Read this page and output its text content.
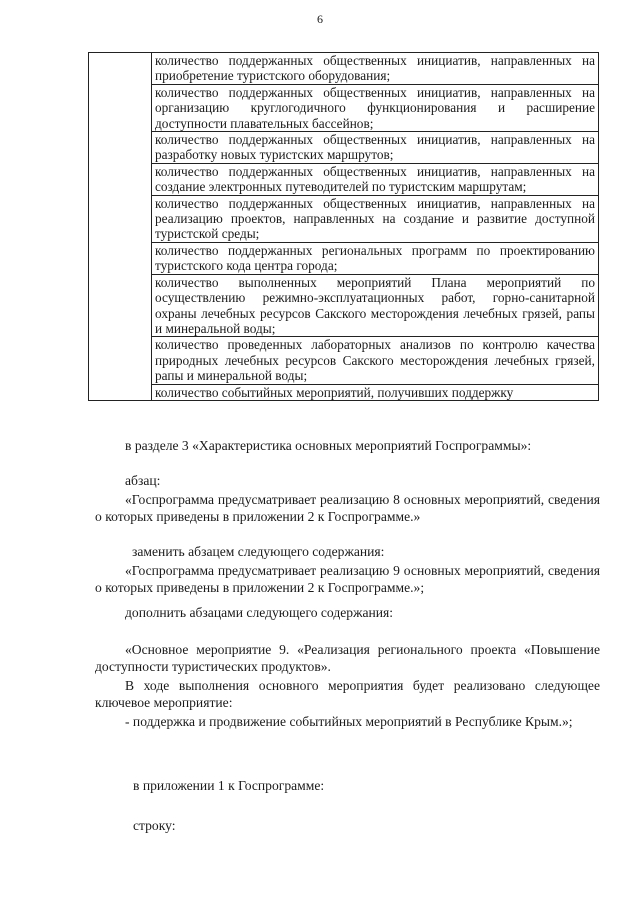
6

количество поддержанных общественных инициатив, направленных на приобретение туристского оборудования;
количество поддержанных общественных инициатив, направленных на организацию круглогодичного функционирования и расширение доступности плавательных бассейнов;
количество поддержанных общественных инициатив, направленных на разработку новых туристских маршрутов;
количество поддержанных общественных инициатив, направленных на создание электронных путеводителей по туристским маршрутам;
количество поддержанных общественных инициатив, направленных на реализацию проектов, направленных на создание и развитие доступной туристской среды;
количество поддержанных региональных программ по проектированию туристского кода центра города;
количество выполненных мероприятий Плана мероприятий по осуществлению режимно-эксплуатационных работ, горно-санитарной охраны лечебных ресурсов Сакского месторождения лечебных грязей, рапы и минеральной воды;
количество проведенных лабораторных анализов по контролю качества природных лечебных ресурсов Сакского месторождения лечебных грязей, рапы и минеральной воды;
количество событийных мероприятий, получивших поддержку

в разделе 3 «Характеристика основных мероприятий Госпрограммы»:

абзац:

«Госпрограмма предусматривает реализацию 8 основных мероприятий, сведения о которых приведены в приложении 2 к Госпрограмме.»

заменить абзацем следующего содержания:

«Госпрограмма предусматривает реализацию 9 основных мероприятий, сведения о которых приведены в приложении 2 к Госпрограмме.»;

дополнить абзацами следующего содержания:

«Основное мероприятие 9. «Реализация регионального проекта «Повышение доступности туристических продуктов».

В ходе выполнения основного мероприятия будет реализовано следующее ключевое мероприятие:

- поддержка и продвижение событийных мероприятий в Республике Крым.»;

в приложении 1 к Госпрограмме:

строку:
